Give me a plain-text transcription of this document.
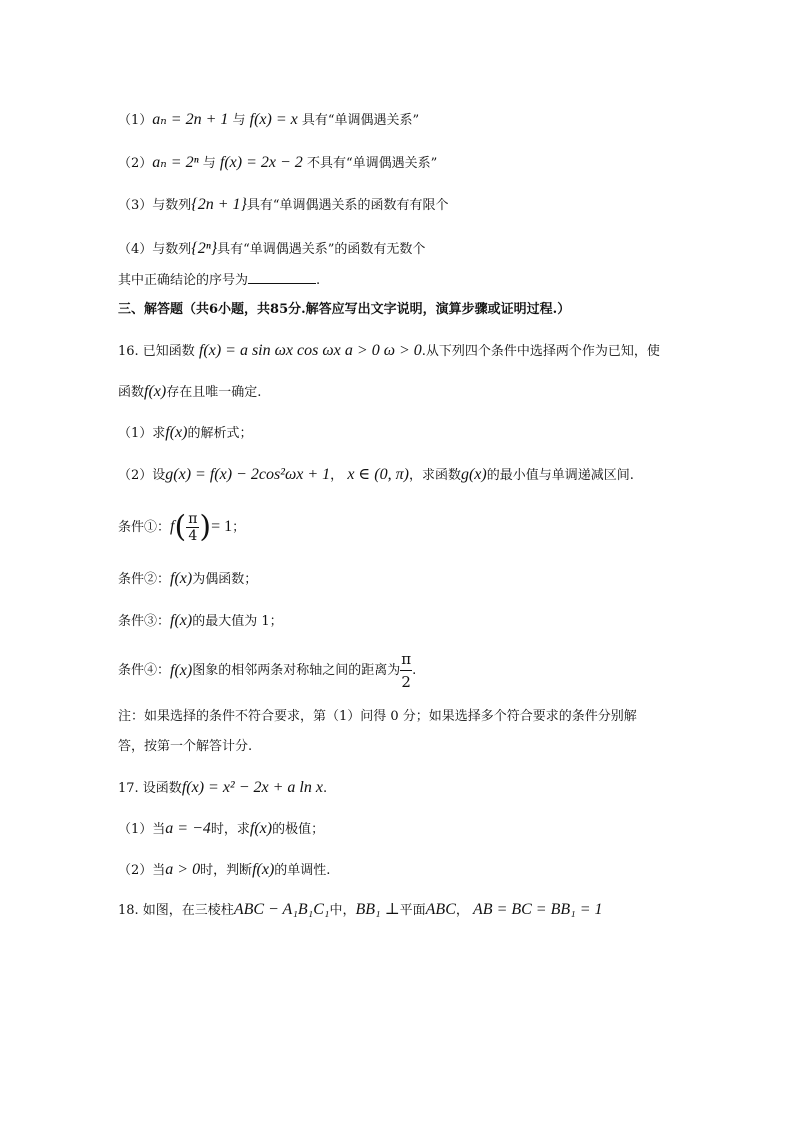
（1）aₙ = 2n + 1 与 f(x) = x 具有“单调偶遇关系”
（2）aₙ = 2ⁿ 与 f(x) = 2x − 2 不具有“单调偶遇关系”
（3）与数列{2n + 1}具有“单调偶遇关系的函数有有限个
（4）与数列{2ⁿ}具有“单调偶遇关系”的函数有无数个
其中正确结论的序号为	.
三、解答题（共6小题，共85分.解答应写出文字说明，演算步骤或证明过程.）
16. 已知函数 f(x) = a sin ωx cos ωx a > 0 ω > 0.从下列四个条件中选择两个作为已知，使
函数f(x)存在且唯一确定.
（1）求f(x)的解析式；
（2）设g(x) = f(x) − 2cos²ωx + 1， x ∈ (0, π)，求函数g(x)的最小值与单调递减区间.
条件①：$f( \frac{\pi}{4}$ )= 1；
条件②：f(x)为偶函数；
条件③：f(x)的最大值为 1；
条件④：f(x)图象的相邻两条对称轴之间的距离为 $\frac{\pi}{2}$ .
注：如果选择的条件不符合要求，第（1）问得 0 分；如果选择多个符合要求的条件分别解
答，按第一个解答计分.
17. 设函数f(x) = x² − 2x + a ln x.
（1）当a = −4时，求f(x)的极值；
（2）当a > 0时，判断f(x)的单调性.
18. 如图，在三棱柱ABC − A₁B₁C₁中，BB₁ ⊥平面ABC， AB = BC = BB₁ = 1
